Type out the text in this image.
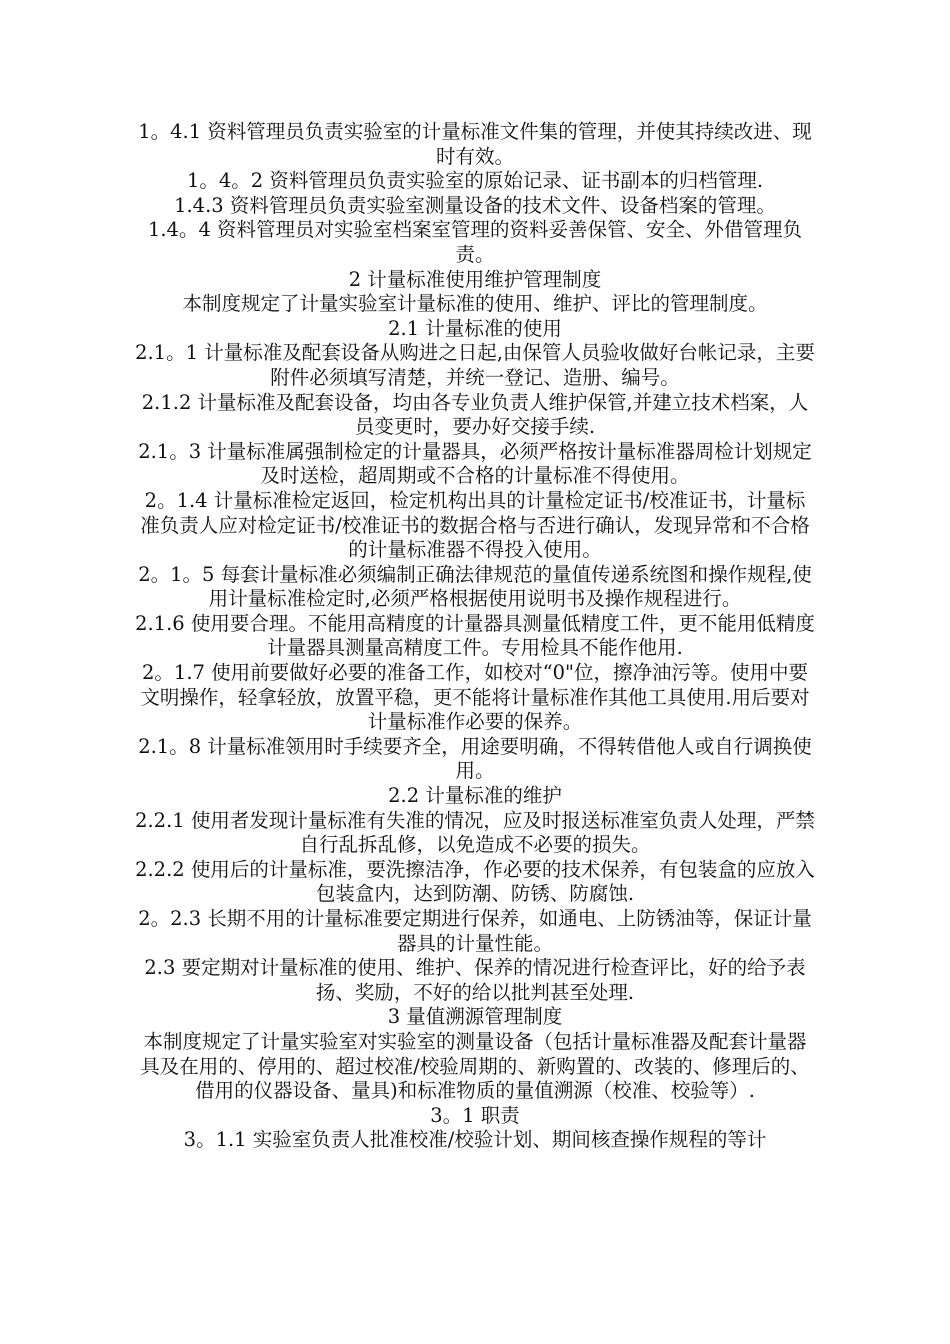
1。4.1 资料管理员负责实验室的计量标准文件集的管理，并使其持续改进、现时有效。

1。4。2 资料管理员负责实验室的原始记录、证书副本的归档管理.

1.4.3 资料管理员负责实验室测量设备的技术文件、设备档案的管理。

1.4。4 资料管理员对实验室档案室管理的资料妥善保管、安全、外借管理负责。

2 计量标准使用维护管理制度

本制度规定了计量实验室计量标准的使用、维护、评比的管理制度。

2.1 计量标准的使用

2.1。1 计量标准及配套设备从购进之日起,由保管人员验收做好台帐记录，主要附件必须填写清楚，并统一登记、造册、编号。

2.1.2 计量标准及配套设备，均由各专业负责人维护保管,并建立技术档案，人员变更时，要办好交接手续.

2.1。3 计量标准属强制检定的计量器具，必须严格按计量标准器周检计划规定及时送检，超周期或不合格的计量标准不得使用。

2。1.4 计量标准检定返回，检定机构出具的计量检定证书/校准证书，计量标准负责人应对检定证书/校准证书的数据合格与否进行确认，发现异常和不合格的计量标准器不得投入使用。

2。1。5 每套计量标准必须编制正确法律规范的量值传递系统图和操作规程,使用计量标准检定时,必须严格根据使用说明书及操作规程进行。

2.1.6 使用要合理。不能用高精度的计量器具测量低精度工件，更不能用低精度计量器具测量高精度工件。专用检具不能作他用.

2。1.7 使用前要做好必要的准备工作，如校对“0"位，擦净油污等。使用中要文明操作，轻拿轻放，放置平稳，更不能将计量标准作其他工具使用.用后要对计量标准作必要的保养。

2.1。8 计量标准领用时手续要齐全，用途要明确，不得转借他人或自行调换使用。

2.2 计量标准的维护

2.2.1 使用者发现计量标准有失准的情况，应及时报送标准室负责人处理，严禁自行乱拆乱修，以免造成不必要的损失。

2.2.2 使用后的计量标准，要洗擦洁净，作必要的技术保养，有包装盒的应放入包装盒内，达到防潮、防锈、防腐蚀.

2。2.3 长期不用的计量标准要定期进行保养，如通电、上防锈油等，保证计量器具的计量性能。

2.3 要定期对计量标准的使用、维护、保养的情况进行检查评比，好的给予表扬、奖励，不好的给以批判甚至处理.

3 量值溯源管理制度

本制度规定了计量实验室对实验室的测量设备（包括计量标准器及配套计量器具及在用的、停用的、超过校准/校验周期的、新购置的、改装的、修理后的、借用的仪器设备、量具)和标准物质的量值溯源（校准、校验等）.

3。1 职责

3。1.1 实验室负责人批准校准/校验计划、期间核查操作规程的等计
